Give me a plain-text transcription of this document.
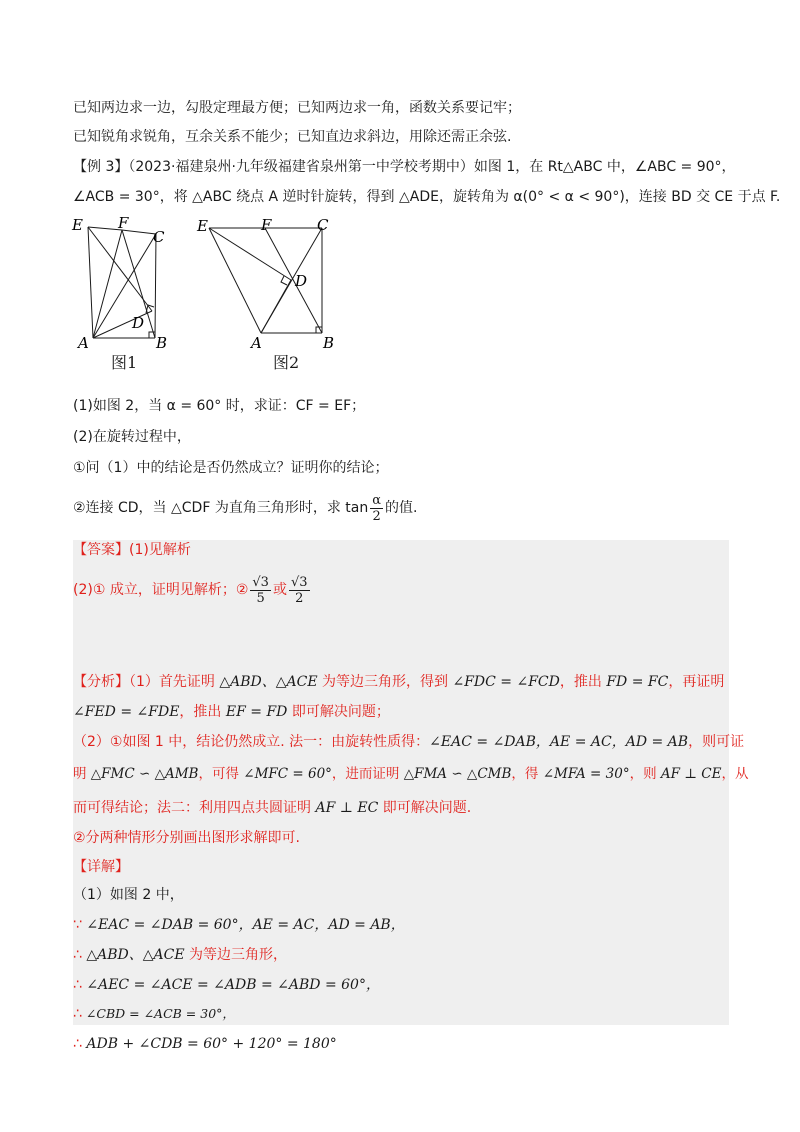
已知两边求一边，勾股定理最方便；已知两边求一角，函数关系要记牢；
已知锐角求锐角，互余关系不能少；已知直边求斜边，用除还需正余弦.
【例 3】（2023·福建泉州·九年级福建省泉州第一中学校考期中）如图 1，在 Rt△ABC 中，∠ABC = 90°，
∠ACB = 30°，将 △ABC 绕点 A 逆时针旋转，得到 △ADE，旋转角为 α(0° < α < 90°)，连接 BD 交 CE 于点 F.
E F
C
D
A	B
图1
E	F	C
D
A	B
图2
(1)如图 2，当 α = 60° 时，求证：CF = EF；
(2)在旋转过程中，
①问（1）中的结论是否仍然成立？证明你的结论；
②连接 CD，当 △CDF 为直角三角形时，求 $\tan \frac{\alpha}{2}$ 的值.
【答案】(1)见解析
(2)① 成立，证明见解析；② $\frac{√3}{5}$ 或 $\frac{√3}{2}$
【分析】（1）首先证明 △ABD、△ACE 为等边三角形，得到 ∠FDC = ∠FCD，推出 FD = FC，再证明
∠FED = ∠FDE，推出 EF = FD 即可解决问题；
（2）①如图 1 中，结论仍然成立. 法一：由旋转性质得：∠EAC = ∠DAB，AE = AC，AD = AB，则可证
明 △FMC ∽ △AMB，可得 ∠MFC = 60°，进而证明 △FMA ∽ △CMB，得 ∠MFA = 30°，则 AF ⊥ CE，从
而可得结论；法二：利用四点共圆证明 AF ⊥ EC 即可解决问题.
②分两种情形分别画出图形求解即可.
【详解】
（1）如图 2 中，
∵ ∠EAC = ∠DAB = 60°，AE = AC，AD = AB，
∴ △ABD、△ACE 为等边三角形，
∴ ∠AEC = ∠ACE = ∠ADB = ∠ABD = 60°，
∴ ∠CBD = ∠ACB = 30°，
∴ ADB + ∠CDB = 60° + 120° = 180°
